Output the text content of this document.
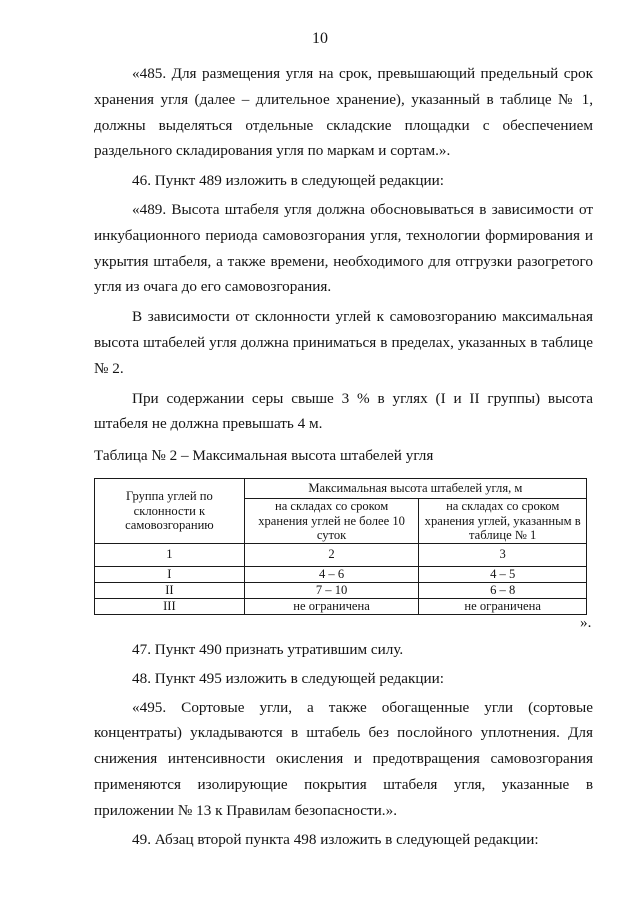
10

«485. Для размещения угля на срок, превышающий предельный срок хранения угля (далее – длительное хранение), указанный в таблице № 1, должны выделяться отдельные складские площадки с обеспечением раздельного складирования угля по маркам и сортам.».

46. Пункт 489 изложить в следующей редакции:

«489. Высота штабеля угля должна обосновываться в зависимости от инкубационного периода самовозгорания угля, технологии формирования и укрытия штабеля, а также времени, необходимого для отгрузки разогретого угля из очага до его самовозгорания.

В зависимости от склонности углей к самовозгоранию максимальная высота штабелей угля должна приниматься в пределах, указанных в таблице № 2.

При содержании серы свыше 3 % в углях (I и II группы) высота штабеля не должна превышать 4 м.

Таблица № 2 – Максимальная высота штабелей угля
Группа углей по склонности к самовозгоранию	Максимальная высота штабелей угля, м	
	на складах со сроком хранения углей не более 10 суток	на складах со сроком хранения углей, указанным в таблице № 1
1	2	3
I	4 – 6	4 – 5
II	7 – 10	6 – 8
III	не ограничена	не ограничена
».

47. Пункт 490 признать утратившим силу.

48. Пункт 495 изложить в следующей редакции:

«495. Сортовые угли, а также обогащенные угли (сортовые концентраты) укладываются в штабель без послойного уплотнения. Для снижения интенсивности окисления и предотвращения самовозгорания применяются изолирующие покрытия штабеля угля, указанные в приложении № 13 к Правилам безопасности.».

49. Абзац второй пункта 498 изложить в следующей редакции:
